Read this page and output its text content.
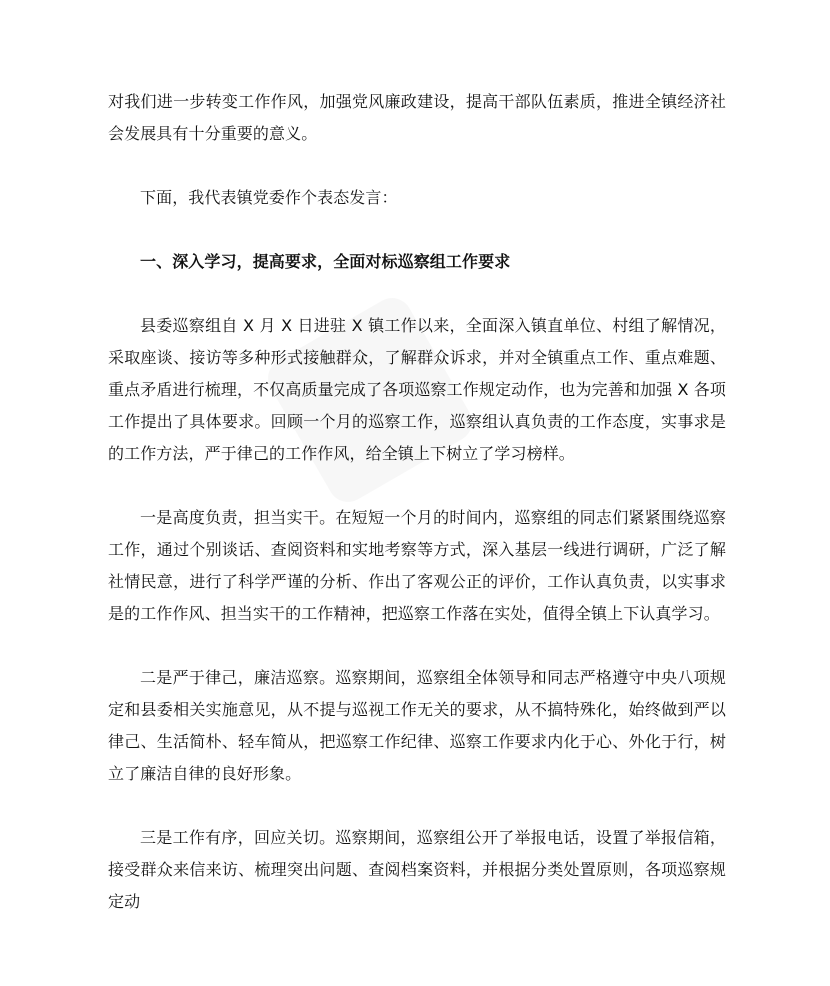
对我们进一步转变工作作风，加强党风廉政建设，提高干部队伍素质，推进全镇经济社会发展具有十分重要的意义。

下面，我代表镇党委作个表态发言：

一、深入学习，提高要求，全面对标巡察组工作要求

县委巡察组自 X 月 X 日进驻 X 镇工作以来，全面深入镇直单位、村组了解情况，采取座谈、接访等多种形式接触群众，了解群众诉求，并对全镇重点工作、重点难题、重点矛盾进行梳理，不仅高质量完成了各项巡察工作规定动作，也为完善和加强 X 各项工作提出了具体要求。回顾一个月的巡察工作，巡察组认真负责的工作态度，实事求是的工作方法，严于律己的工作作风，给全镇上下树立了学习榜样。

一是高度负责，担当实干。在短短一个月的时间内，巡察组的同志们紧紧围绕巡察工作，通过个别谈话、查阅资料和实地考察等方式，深入基层一线进行调研，广泛了解社情民意，进行了科学严谨的分析、作出了客观公正的评价，工作认真负责，以实事求是的工作作风、担当实干的工作精神，把巡察工作落在实处，值得全镇上下认真学习。

二是严于律己，廉洁巡察。巡察期间，巡察组全体领导和同志严格遵守中央八项规定和县委相关实施意见，从不提与巡视工作无关的要求，从不搞特殊化，始终做到严以律己、生活简朴、轻车简从，把巡察工作纪律、巡察工作要求内化于心、外化于行，树立了廉洁自律的良好形象。

三是工作有序，回应关切。巡察期间，巡察组公开了举报电话，设置了举报信箱，接受群众来信来访、梳理突出问题、查阅档案资料，并根据分类处置原则，各项巡察规定动
